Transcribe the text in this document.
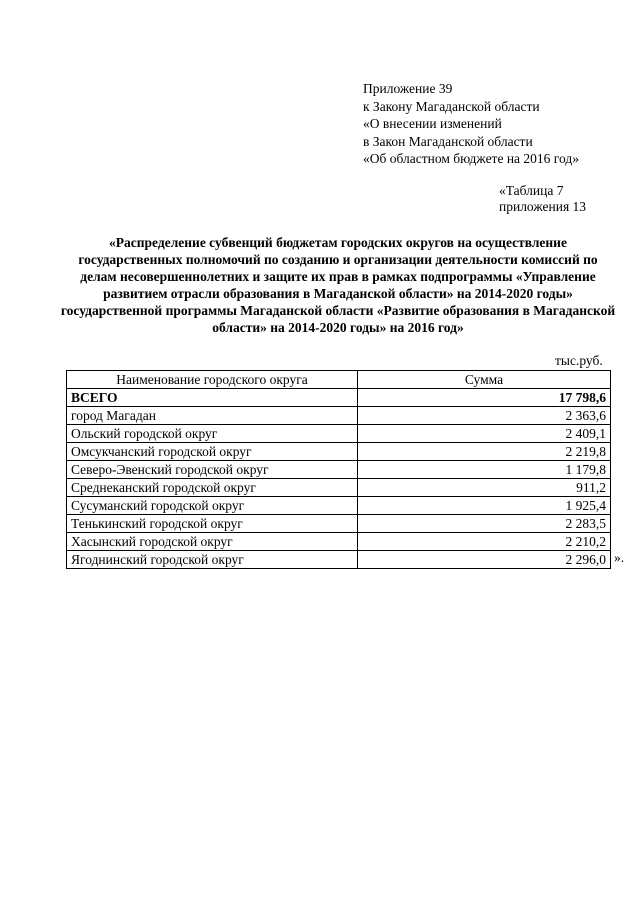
Приложение 39
к Закону Магаданской области
«О внесении изменений
в Закон Магаданской области
«Об областном бюджете на 2016 год»
«Таблица 7
приложения 13
«Распределение субвенций бюджетам городских округов на осуществление государственных полномочий по созданию и организации деятельности комиссий по делам несовершеннолетних и защите их прав в рамках подпрограммы «Управление развитием отрасли образования в Магаданской области» на 2014-2020 годы» государственной программы Магаданской области «Развитие образования в Магаданской области» на 2014-2020 годы» на 2016 год»
тыс.руб.
Наименование городского округа	Сумма
ВСЕГО	17 798,6
город Магадан	2 363,6
Ольский городской округ	2 409,1
Омсукчанский городской округ	2 219,8
Северо-Эвенский городской округ	1 179,8
Среднеканский городской округ	911,2
Сусуманский городской округ	1 925,4
Тенькинский городской округ	2 283,5
Хасынский городской округ	2 210,2
Ягоднинский городской округ	2 296,0 ».
